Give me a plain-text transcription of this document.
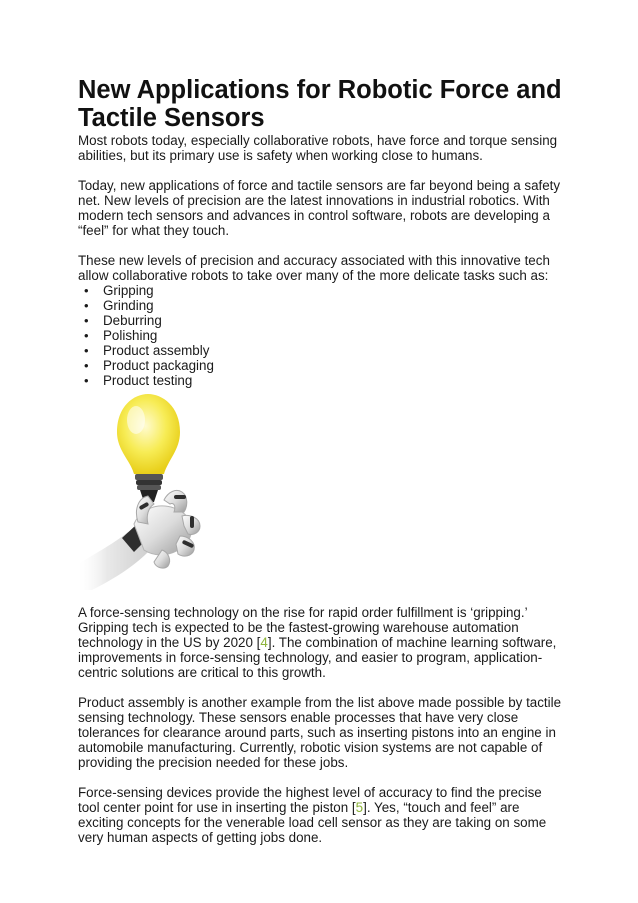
New Applications for Robotic Force and Tactile Sensors

Most robots today, especially collaborative robots, have force and torque sensing abilities, but its primary use is safety when working close to humans.

Today, new applications of force and tactile sensors are far beyond being a safety net. New levels of precision are the latest innovations in industrial robotics. With modern tech sensors and advances in control software, robots are developing a “feel” for what they touch.

These new levels of precision and accuracy associated with this innovative tech allow collaborative robots to take over many of the more delicate tasks such as:

• Gripping
• Grinding
• Deburring
• Polishing
• Product assembly
• Product packaging
• Product testing

A force-sensing technology on the rise for rapid order fulfillment is ‘gripping.’ Gripping tech is expected to be the fastest-growing warehouse automation technology in the US by 2020 [4]. The combination of machine learning software, improvements in force-sensing technology, and easier to program, application-centric solutions are critical to this growth.

Product assembly is another example from the list above made possible by tactile sensing technology. These sensors enable processes that have very close tolerances for clearance around parts, such as inserting pistons into an engine in automobile manufacturing. Currently, robotic vision systems are not capable of providing the precision needed for these jobs.

Force-sensing devices provide the highest level of accuracy to find the precise tool center point for use in inserting the piston [5]. Yes, “touch and feel” are exciting concepts for the venerable load cell sensor as they are taking on some very human aspects of getting jobs done.
